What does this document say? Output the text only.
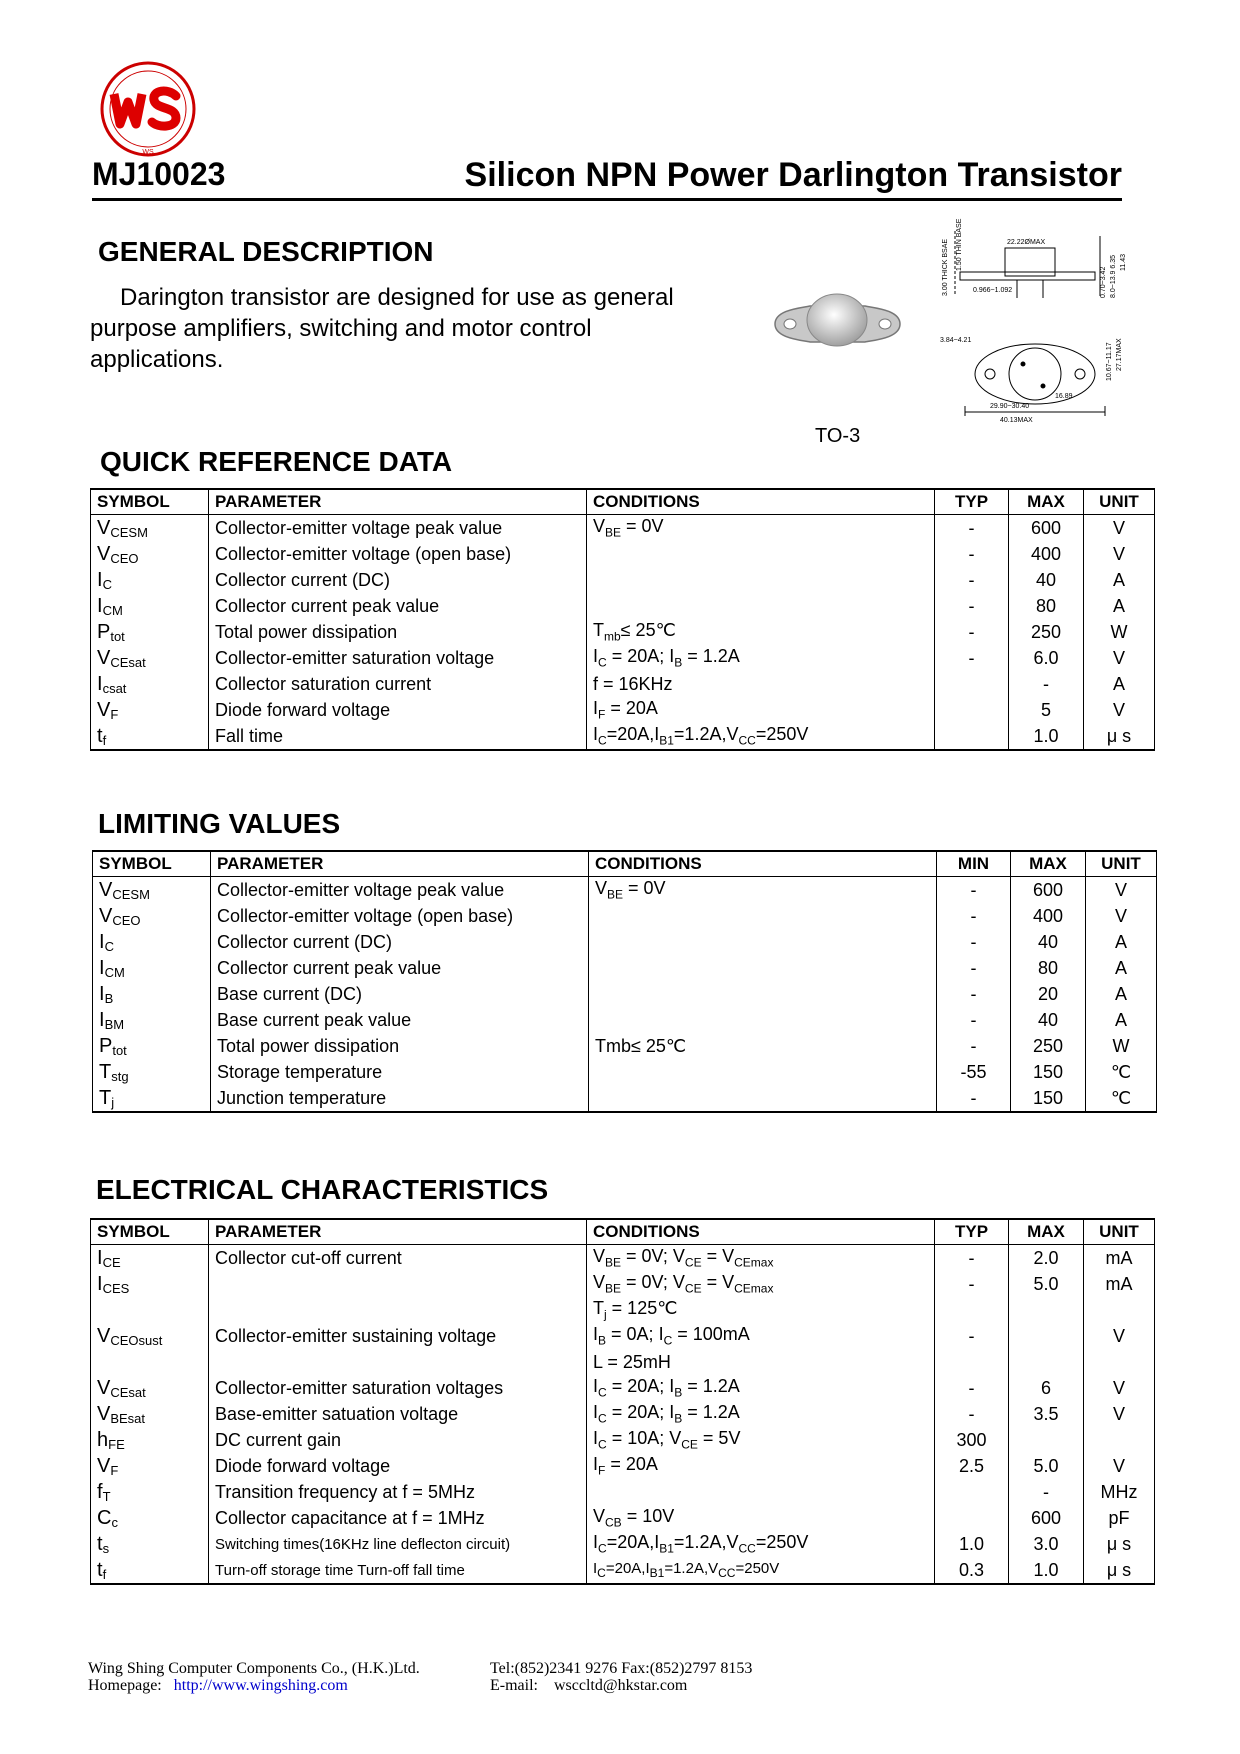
WS
MJ10023	Silicon NPN Power Darlington Transistor
GENERAL DESCRIPTION
Darington transistor are designed for use as general purpose amplifiers, switching and motor control applications.
3.00 THICK BSAE 1.50 THIN BASE	22.22ØMAX
0.966~1.092
11.43
8.0~13.9 6.35
0.70~3.42
3.84~4.21
10.67~11.17 27.17MAX
16.89
29.90~30.40
40.13MAX
TO-3
QUICK REFERENCE DATA
SYMBOL	PARAMETER	CONDITIONS	TYP	MAX	UNIT
$V_{CESM}$	Collector-emitter voltage peak value	$V_{BE} = 0V$	-	600	V
$V_{CEO}$	Collector-emitter voltage (open base)		-	400	V
$I_C$	Collector current (DC)		-	40	A
$I_{CM}$	Collector current peak value		-	80	A
$P_{tot}$	Total power dissipation	$T_{mb}\le$ 25℃	-	250	W
$V_{CEsat}$	Collector-emitter saturation voltage	$I_C = 20A$; $I_B = 1.2A$	-	6.0	V
$I_{csat}$	Collector saturation current	f = 16KHz		-	A
$V_F$	Diode forward voltage	$I_F = 20A$		5	V
$t_f$	Fall time	$I_C=20A,I_{B1}=1.2A,V_{CC}=250V$		1.0	μ s
LIMITING VALUES
SYMBOL	PARAMETER	CONDITIONS	MIN	MAX	UNIT
$V_{CESM}$	Collector-emitter voltage peak value	$V_{BE} = 0V$	-	600	V
$V_{CEO}$	Collector-emitter voltage (open base)		-	400	V
$I_C$	Collector current (DC)		-	40	A
$I_{CM}$	Collector current peak value		-	80	A
$I_B$	Base current (DC)		-	20	A
$I_{BM}$	Base current peak value		-	40	A
$P_{tot}$	Total power dissipation	Tmb≤ 25℃	-	250	W
$T_{stg}$	Storage temperature		-55	150	℃
$T_j$	Junction temperature		-	150	℃
ELECTRICAL CHARACTERISTICS
SYMBOL	PARAMETER	CONDITIONS	TYP	MAX	UNIT
$I_{CE}$	Collector cut-off current	$V_{BE} = 0V$; $V_{CE} = V_{CEmax}$	-	2.0	mA
$I_{CES}$		$V_{BE} = 0V$; $V_{CE} = V_{CEmax}$	-	5.0	mA
		$T_j$ = 125℃			
$V_{CEOsust}$	Collector-emitter sustaining voltage	$I_B = 0A$; $I_C = 100mA$	-		V
		L = 25mH			
$V_{CEsat}$	Collector-emitter saturation voltages	$I_C = 20A$; $I_B = 1.2A$	-	6	V
$V_{BEsat}$	Base-emitter satuation voltage	$I_C = 20A$; $I_B = 1.2A$	-	3.5	V
$h_{FE}$	DC current gain	$I_C = 10A$; $V_{CE} = 5V$	300		
$V_F$	Diode forward voltage	$I_F = 20A$	2.5	5.0	V
$f_T$	Transition frequency at f = 5MHz			-	MHz
$C_c$	Collector capacitance at f = 1MHz	$V_{CB} = 10V$		600	pF
$t_s$	Switching times(16KHz line deflecton circuit)	$I_C=20A,I_{B1}=1.2A,V_{CC}=250V$	1.0	3.0	μ s
$t_f$	Turn-off storage time Turn-off fall time	$I_C=20A,I_{B1}=1.2A,V_{CC}=250V$	0.3	1.0	μ s
Wing Shing Computer Components Co., (H.K.)Ltd.
Homepage: http://www.wingshing.com
Tel:(852)2341 9276 Fax:(852)2797 8153
E-mail: wsccltd@hkstar.com
